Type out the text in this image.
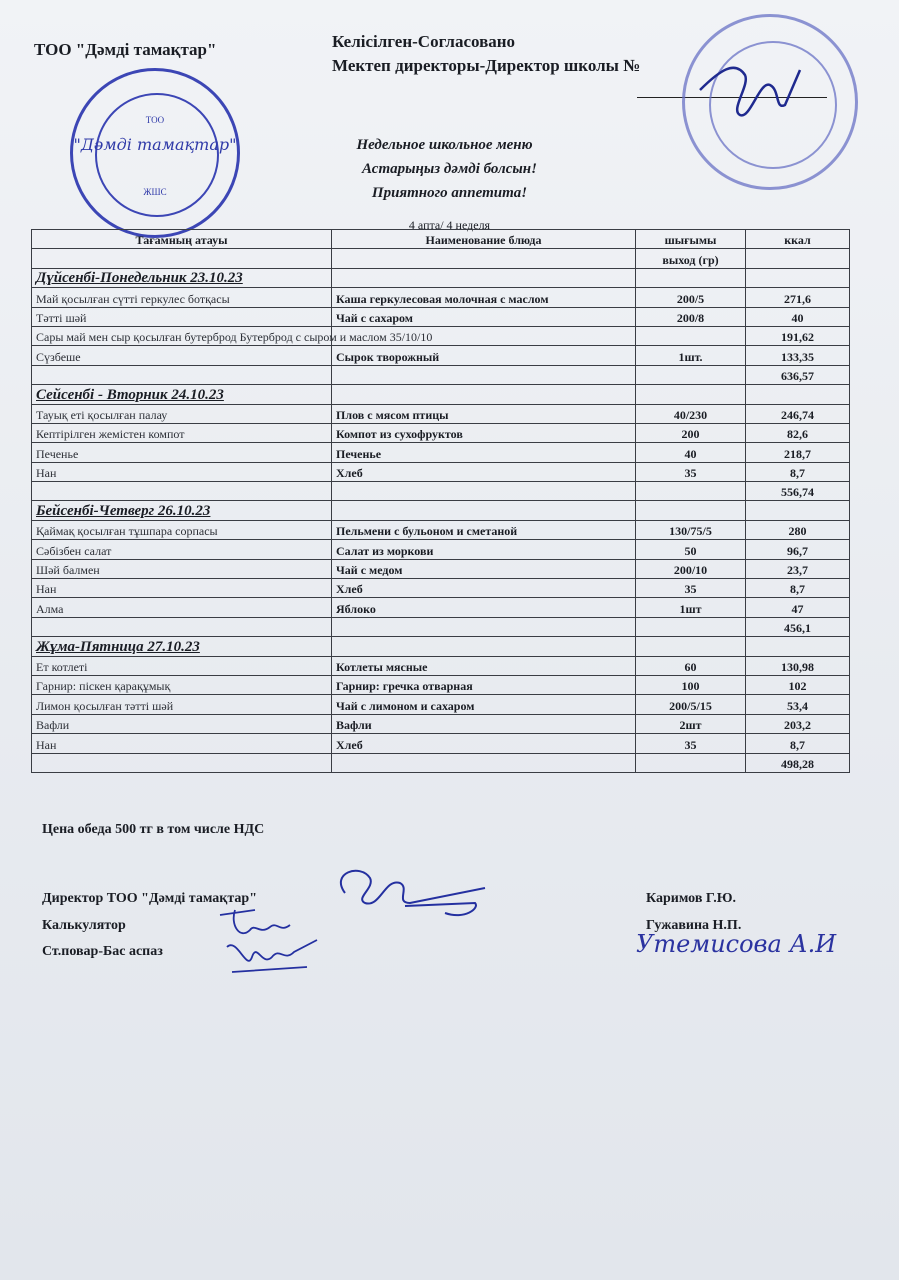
ТОО "Дәмді тамақтар"	Келісілген-Согласовано
Мектеп директоры-Директор школы №
ТОО
"Дәмді тамақтар"
ЖШС
Недельное школьное меню
Астарыңыз дәмді болсын!
Приятного аппетита!
4 апта/ 4 неделя
Тағамның атауы	Наименование блюда	шығымы	ккал
		выход (гр)	
Дүйсенбі-Понедельник 23.10.23			
Май қосылған сүтті геркулес ботқасы	Каша геркулесовая молочная с маслом	200/5	271,6
Тәтті шәй	Чай с сахаром	200/8	40
Сары май мен сыр қосылған бутерброд Бутерброд с сыром и маслом 35/10/10			191,62
Сүзбеше	Сырок творожный	1шт.	133,35
			636,57
Сейсенбі - Вторник 24.10.23			
Тауық еті қосылған палау	Плов с мясом птицы	40/230	246,74
Кептірілген жемістен компот	Компот из сухофруктов	200	82,6
Печенье	Печенье	40	218,7
Нан	Хлеб	35	8,7
			556,74
Бейсенбі-Четверг 26.10.23			
Қаймақ қосылған тұшпара сорпасы	Пельмени с бульоном и сметаной	130/75/5	280
Сәбізбен салат	Салат из моркови	50	96,7
Шәй балмен	Чай с медом	200/10	23,7
Нан	Хлеб	35	8,7
Алма	Яблоко	1шт	47
			456,1
Жұма-Пятница 27.10.23			
Ет котлеті	Котлеты мясные	60	130,98
Гарнир: піскен қарақұмық	Гарнир: гречка отварная	100	102
Лимон қосылған тәтті шәй	Чай с лимоном и сахаром	200/5/15	53,4
Вафли	Вафли	2шт	203,2
Нан	Хлеб	35	8,7
			498,28
Цена обеда 500 тг в том числе НДС
Директор ТОО "Дәмді тамақтар"	Каримов Г.Ю.
Калькулятор	Гужавина Н.П.
Ст.повар-Бас аспаз	Утемисова А.И
